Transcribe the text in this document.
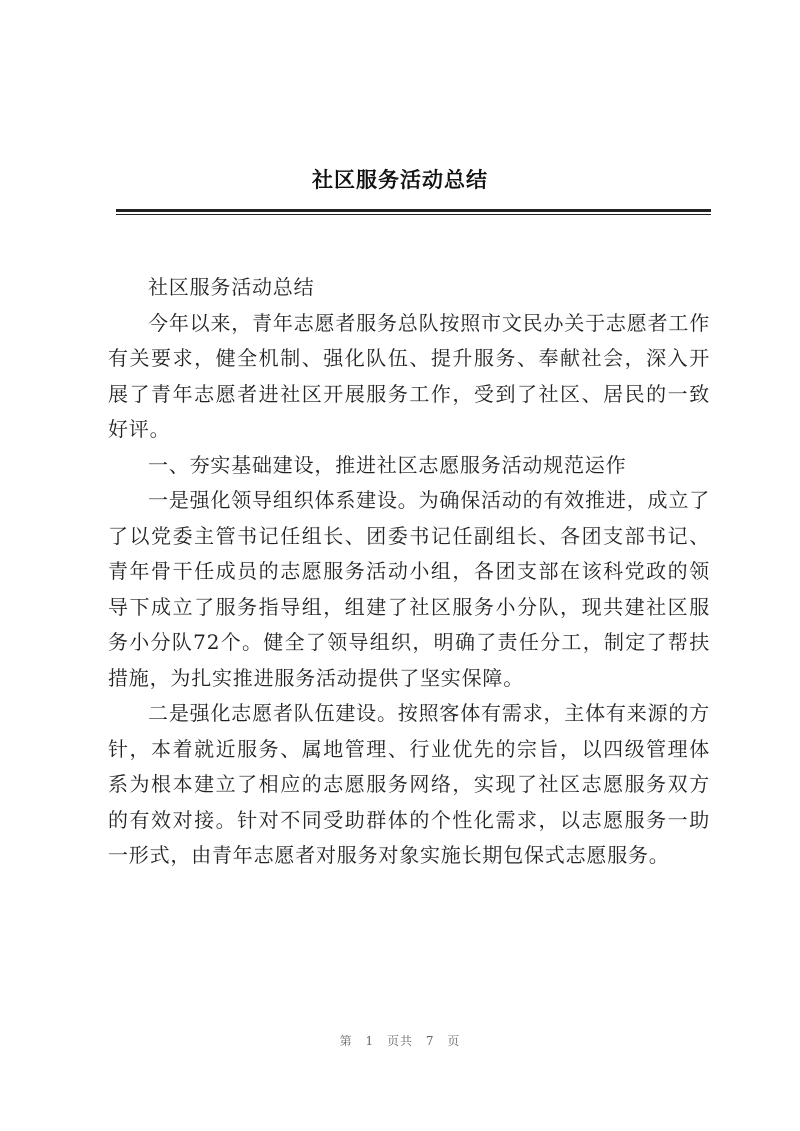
社区服务活动总结

社区服务活动总结

今年以来，青年志愿者服务总队按照市文民办关于志愿者工作有关要求，健全机制、强化队伍、提升服务、奉献社会，深入开展了青年志愿者进社区开展服务工作，受到了社区、居民的一致好评。

一、夯实基础建设，推进社区志愿服务活动规范运作

一是强化领导组织体系建设。为确保活动的有效推进，成立了了以党委主管书记任组长、团委书记任副组长、各团支部书记、青年骨干任成员的志愿服务活动小组，各团支部在该科党政的领导下成立了服务指导组，组建了社区服务小分队，现共建社区服务小分队72个。健全了领导组织，明确了责任分工，制定了帮扶措施，为扎实推进服务活动提供了坚实保障。

二是强化志愿者队伍建设。按照客体有需求，主体有来源的方针，本着就近服务、属地管理、行业优先的宗旨，以四级管理体系为根本建立了相应的志愿服务网络，实现了社区志愿服务双方的有效对接。针对不同受助群体的个性化需求，以志愿服务一助一形式，由青年志愿者对服务对象实施长期包保式志愿服务。

第 1 页共 7 页
